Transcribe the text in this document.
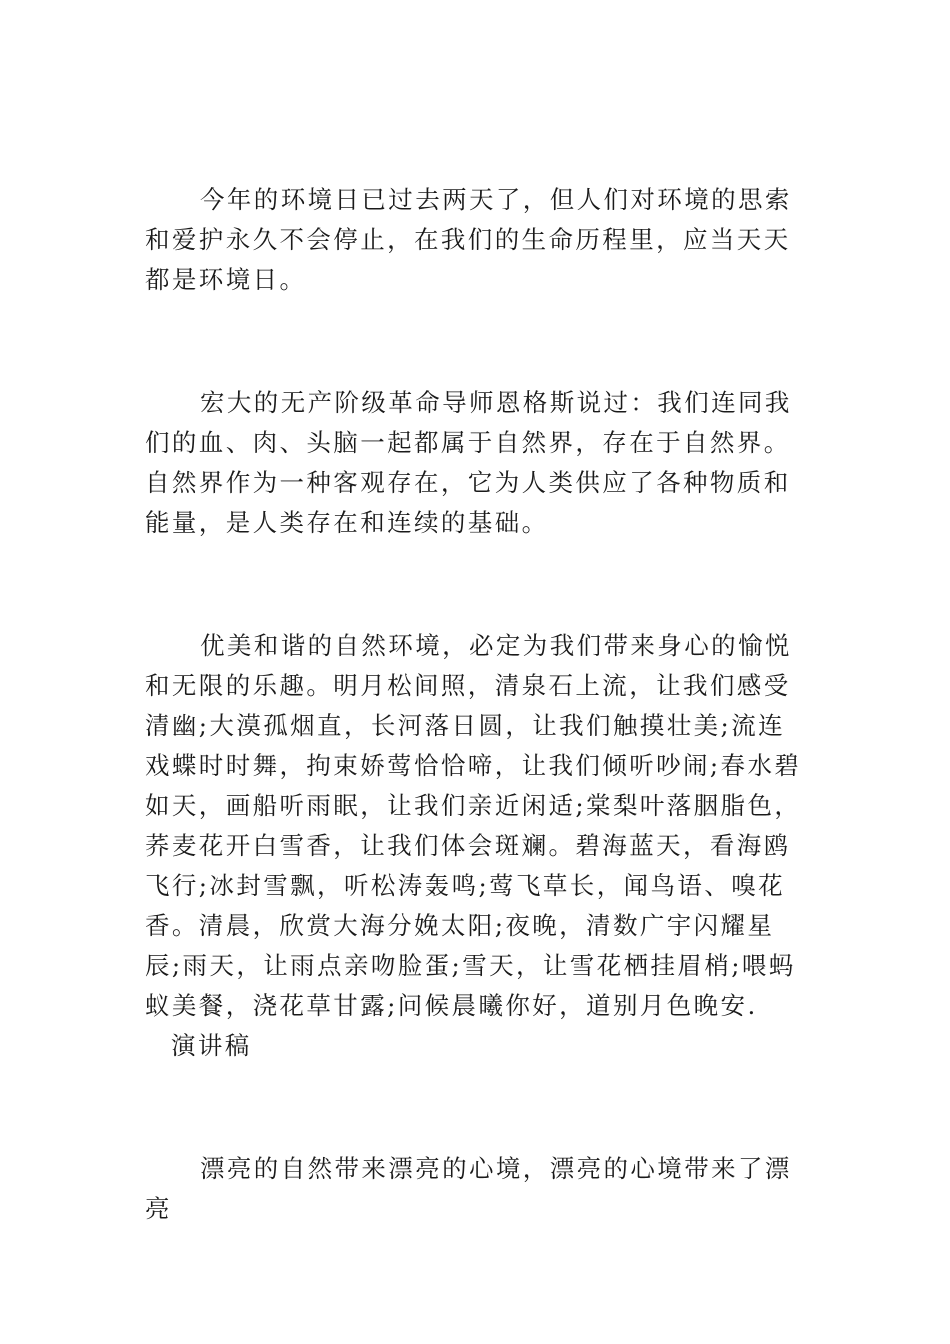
今年的环境日已过去两天了，但人们对环境的思索和爱护永久不会停止，在我们的生命历程里，应当天天都是环境日。

宏大的无产阶级革命导师恩格斯说过：我们连同我们的血、肉、头脑一起都属于自然界，存在于自然界。自然界作为一种客观存在，它为人类供应了各种物质和能量，是人类存在和连续的基础。

优美和谐的自然环境，必定为我们带来身心的愉悦和无限的乐趣。明月松间照，清泉石上流，让我们感受清幽;大漠孤烟直，长河落日圆，让我们触摸壮美;流连戏蝶时时舞，拘束娇莺恰恰啼，让我们倾听吵闹;春水碧如天，画船听雨眠，让我们亲近闲适;棠梨叶落胭脂色，荞麦花开白雪香，让我们体会斑斓。碧海蓝天，看海鸥飞行;冰封雪飘，听松涛轰鸣;莺飞草长，闻鸟语、嗅花香。清晨，欣赏大海分娩太阳;夜晚，清数广宇闪耀星辰;雨天，让雨点亲吻脸蛋;雪天，让雪花栖挂眉梢;喂蚂蚁美餐，浇花草甘露;问候晨曦你好，道别月色晚安.演讲稿

漂亮的自然带来漂亮的心境，漂亮的心境带来了漂亮
